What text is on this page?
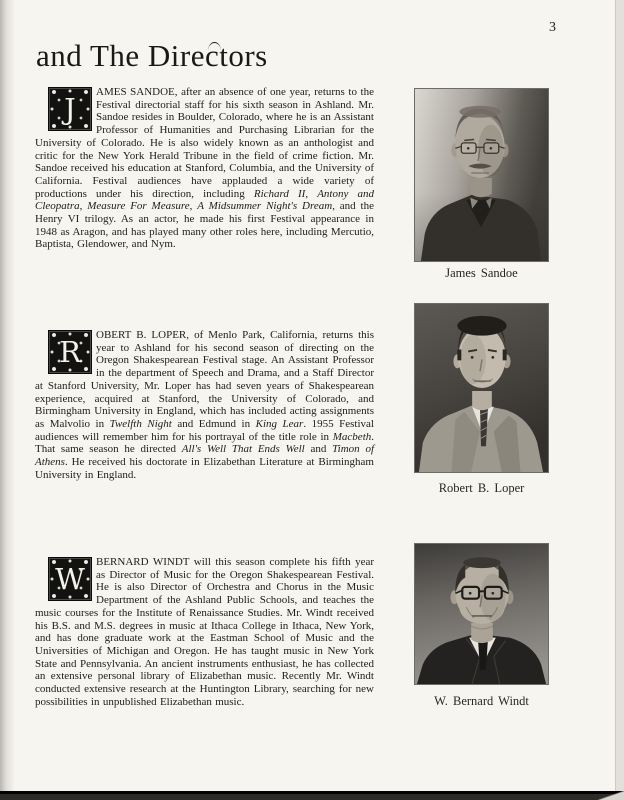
3
and The Directors
J	AMES SANDOE, after an absence of one year, returns to the Festival directorial staff for his sixth season in Ashland. Mr. Sandoe resides in Boulder, Colorado, where he is an Assistant Professor of Humanities and Purchasing Librarian for the University of Colorado. He is also widely known as an anthologist and critic for the New York Herald Tribune in the field of crime fiction. Mr. Sandoe received his education at Stanford, Columbia, and the University of California. Festival audiences have applauded a wide variety of productions under his direction, including Richard II, Antony and Cleopatra, Measure For Measure, A Midsummer Night's Dream, and the Henry VI trilogy. As an actor, he made his first Festival appearance in 1948 as Aragon, and has played many other roles here, including Mercutio, Baptista, Glendower, and Nym.
R	OBERT B. LOPER, of Menlo Park, California, returns this year to Ashland for his second season of directing on the Oregon Shakespearean Festival stage. An Assistant Professor in the department of Speech and Drama, and a Staff Director at Stanford University, Mr. Loper has had seven years of Shakespearean experience, acquired at Stanford, the University of Colorado, and Birmingham University in England, which has included acting assignments as Malvolio in Twelfth Night and Edmund in King Lear. 1955 Festival audiences will remember him for his portrayal of the title role in Macbeth. That same season he directed All's Well That Ends Well and Timon of Athens. He received his doctorate in Elizabethan Literature at Birmingham University in England.
W	BERNARD WINDT will this season complete his fifth year as Director of Music for the Oregon Shakespearean Festival. He is also Director of Orchestra and Chorus in the Music Department of the Ashland Public Schools, and teaches the music courses for the Institute of Renaissance Studies. Mr. Windt received his B.S. and M.S. degrees in music at Ithaca College in Ithaca, New York, and has done graduate work at the Eastman School of Music and the Universities of Michigan and Oregon. He has taught music in New York State and Pennsylvania. An ancient instruments enthusiast, he has collected an extensive personal library of Elizabethan music. Recently Mr. Windt conducted extensive research at the Huntington Library, searching for new possibilities in unpublished Elizabethan music.
James Sandoe
Robert B. Loper
W. Bernard Windt
